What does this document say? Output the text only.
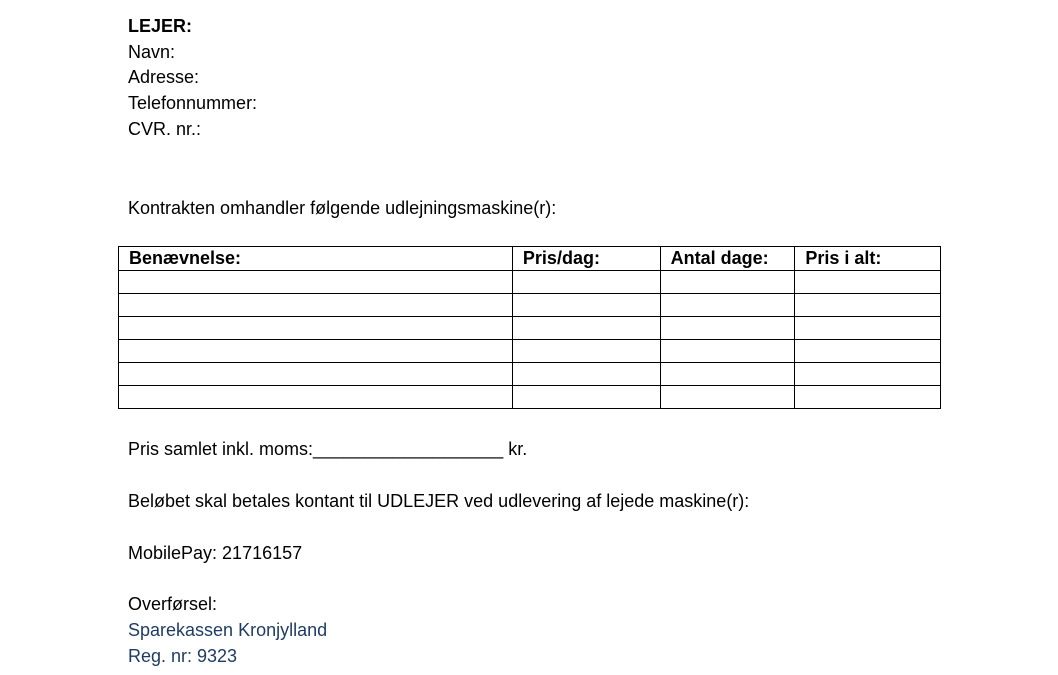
LEJER:
Navn:
Adresse:
Telefonnummer:
CVR. nr.:
Kontrakten omhandler følgende udlejningsmaskine(r):
Benævnelse:	Pris/dag:	Antal dage:	Pris i alt:

Pris samlet inkl. moms:___________________ kr.
Beløbet skal betales kontant til UDLEJER ved udlevering af lejede maskine(r):
MobilePay: 21716157
Overførsel:
Sparekassen Kronjylland
Reg. nr: 9323
